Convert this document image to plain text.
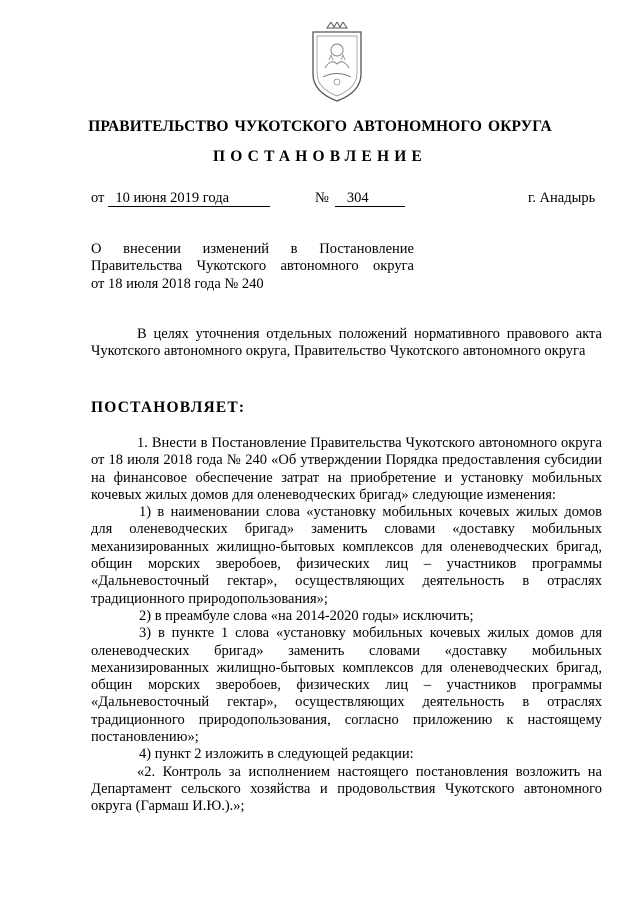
ПРАВИТЕЛЬСТВО ЧУКОТСКОГО АВТОНОМНОГО ОКРУГА
ПОСТАНОВЛЕНИЕ
от 10 июня 2019 года	№ 304	г. Анадырь
О внесении изменений в Постановление
Правительства Чукотского автономного округа
от 18 июля 2018 года № 240

В целях уточнения отдельных положений нормативного правового акта Чукотского автономного округа, Правительство Чукотского автономного округа

ПОСТАНОВЛЯЕТ:

1. Внести в Постановление Правительства Чукотского автономного округа от 18 июля 2018 года № 240 «Об утверждении Порядка предоставления субсидии на финансовое обеспечение затрат на приобретение и установку мобильных кочевых жилых домов для оленеводческих бригад» следующие изменения:

1) в наименовании слова «установку мобильных кочевых жилых домов для оленеводческих бригад» заменить словами «доставку мобильных механизированных жилищно-бытовых комплексов для оленеводческих бригад, общин морских зверобоев, физических лиц – участников программы «Дальневосточный гектар», осуществляющих деятельность в отраслях традиционного природопользования»;

2) в преамбуле слова «на 2014-2020 годы» исключить;

3) в пункте 1 слова «установку мобильных кочевых жилых домов для оленеводческих бригад» заменить словами «доставку мобильных механизированных жилищно-бытовых комплексов для оленеводческих бригад, общин морских зверобоев, физических лиц – участников программы «Дальневосточный гектар», осуществляющих деятельность в отраслях традиционного природопользования, согласно приложению к настоящему постановлению»;

4) пункт 2 изложить в следующей редакции:

«2. Контроль за исполнением настоящего постановления возложить на Департамент сельского хозяйства и продовольствия Чукотского автономного округа (Гармаш И.Ю.).»;
